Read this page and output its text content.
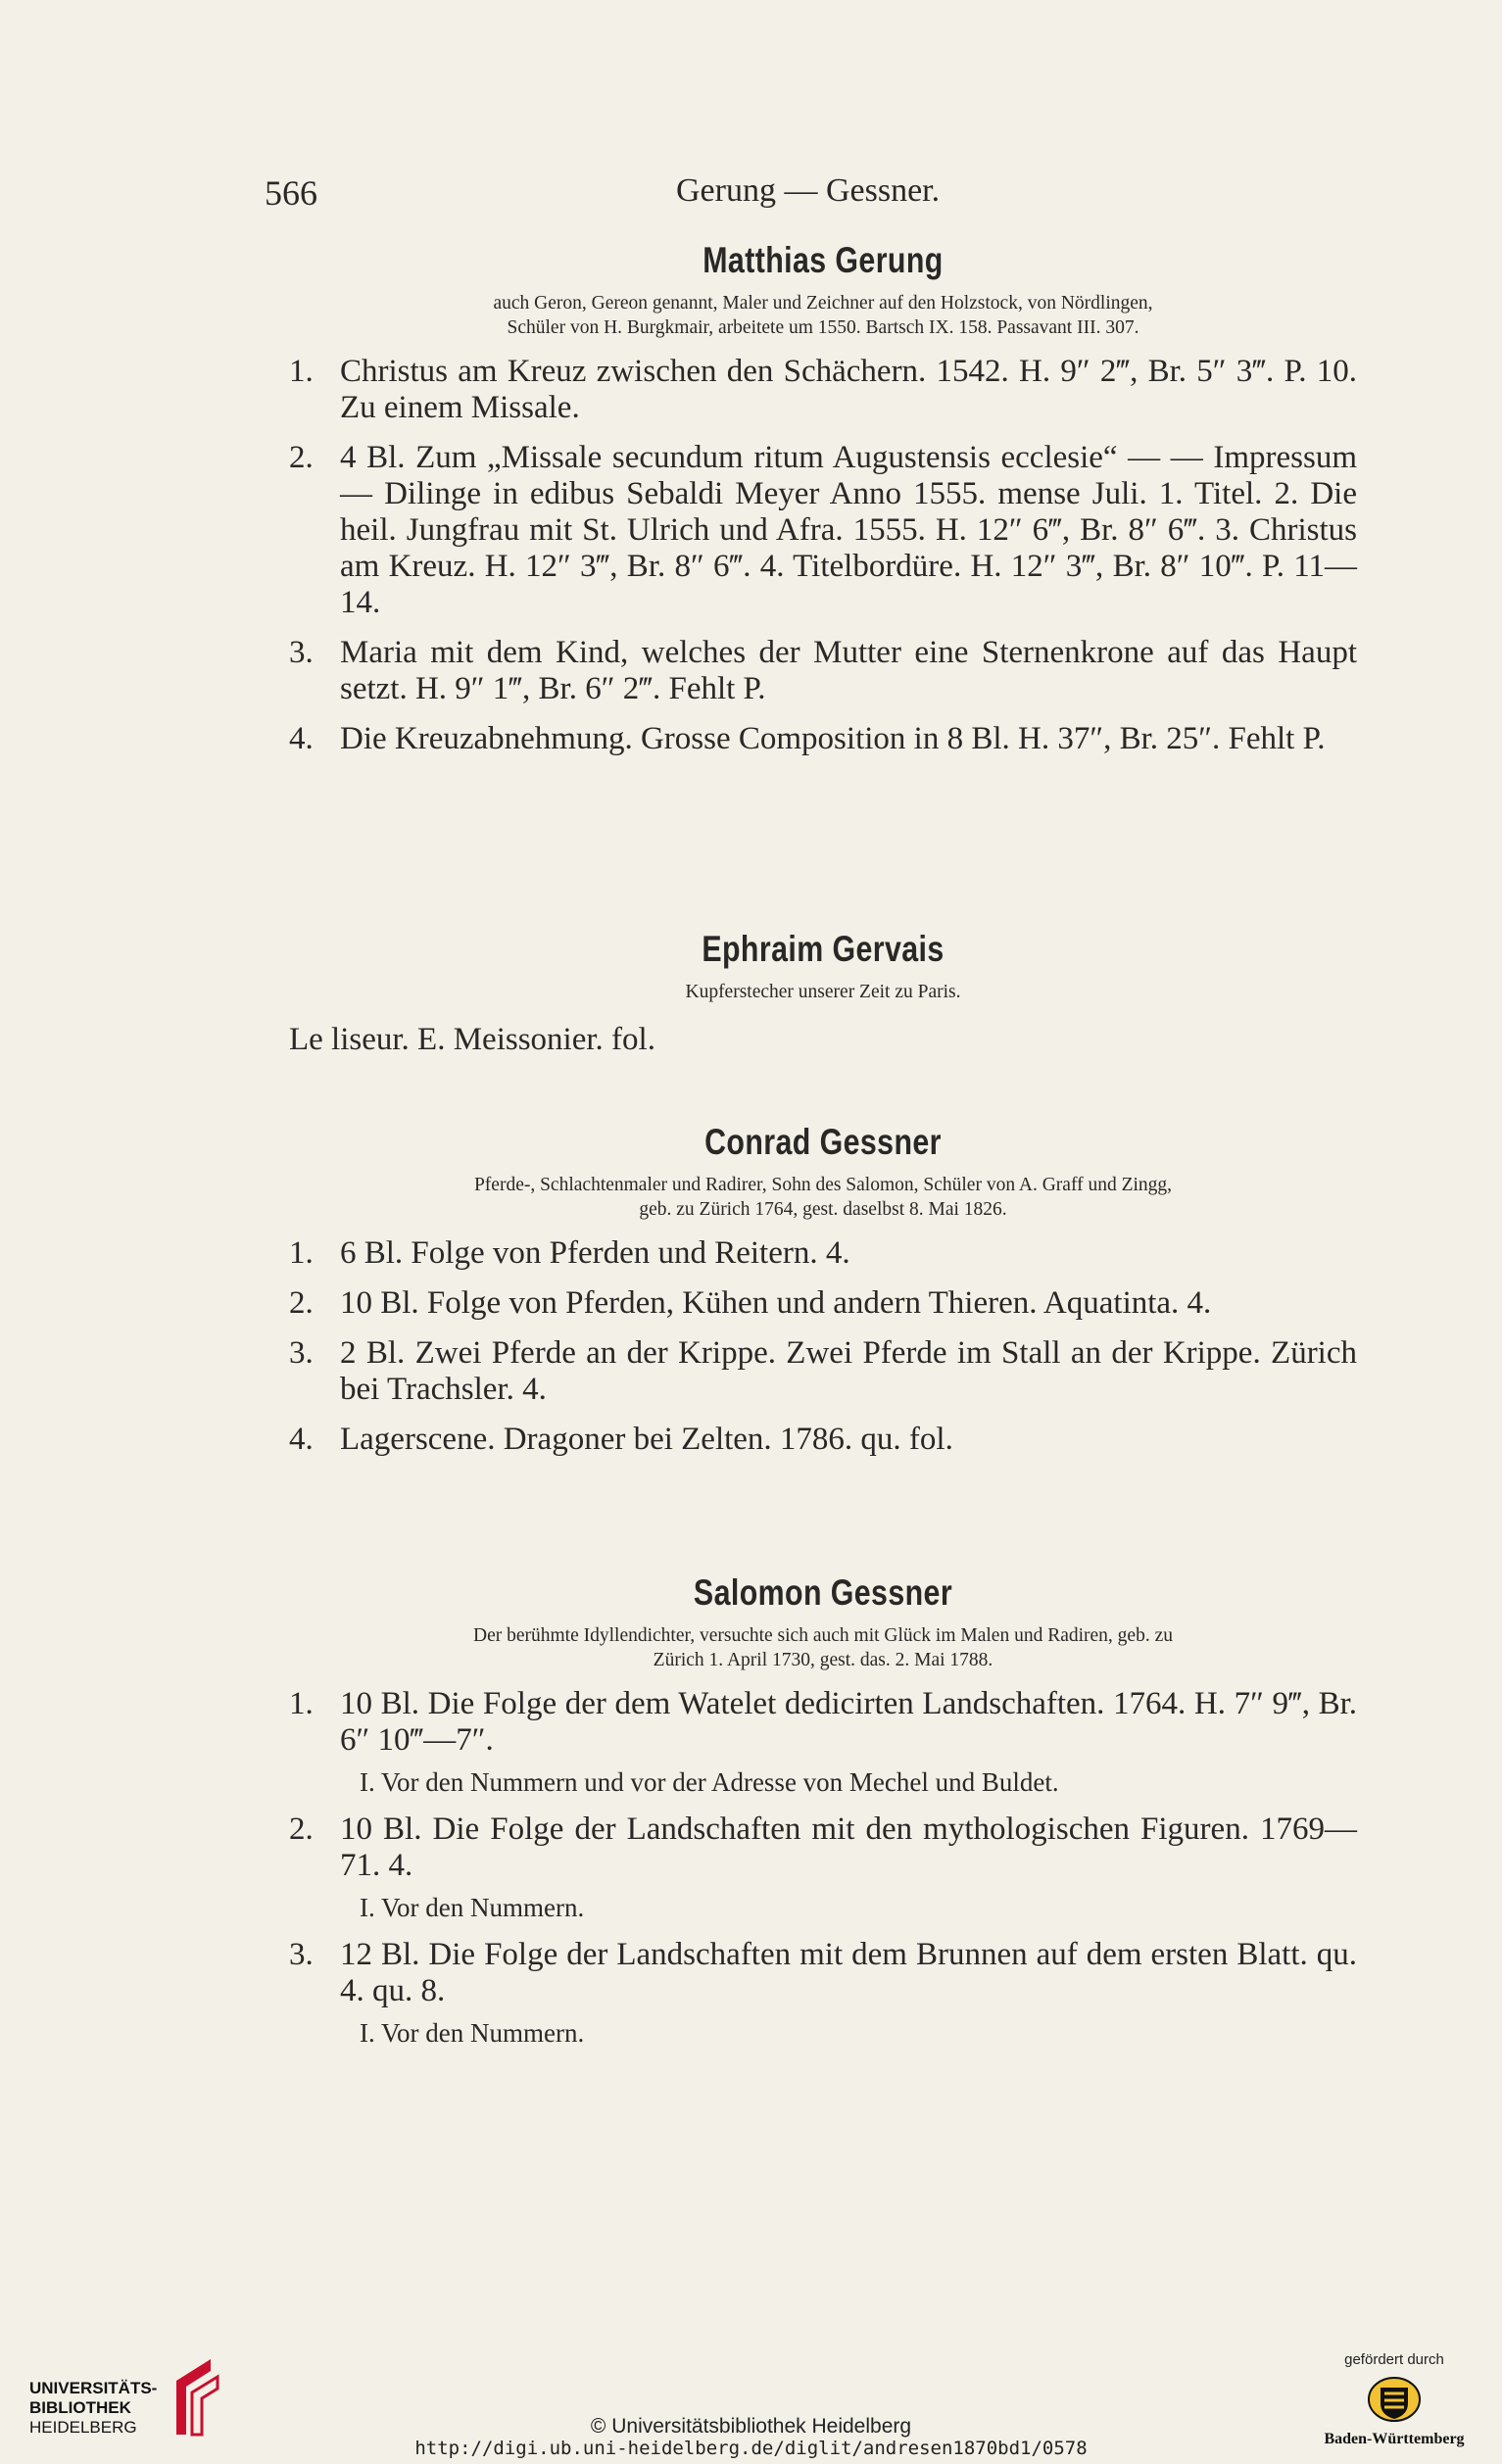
566	Gerung — Gessner.
Matthias Gerung
auch Geron, Gereon genannt, Maler und Zeichner auf den Holzstock, von Nördlingen,
Schüler von H. Burgkmair, arbeitete um 1550. Bartsch IX. 158. Passavant III. 307.
1. Christus am Kreuz zwischen den Schächern. 1542. H. 9″ 2‴, Br. 5″ 3‴. P. 10. Zu einem Missale.
2. 4 Bl. Zum „Missale secundum ritum Augustensis ecclesie“ — — Impressum — Dilinge in edibus Sebaldi Meyer Anno 1555. mense Juli. 1. Titel. 2. Die heil. Jungfrau mit St. Ulrich und Afra. 1555. H. 12″ 6‴, Br. 8″ 6‴. 3. Christus am Kreuz. H. 12″ 3‴, Br. 8″ 6‴. 4. Titelbordüre. H. 12″ 3‴, Br. 8″ 10‴. P. 11—14.
3. Maria mit dem Kind, welches der Mutter eine Sternenkrone auf das Haupt setzt. H. 9″ 1‴, Br. 6″ 2‴. Fehlt P.
4. Die Kreuzabnehmung. Grosse Composition in 8 Bl. H. 37″, Br. 25″. Fehlt P.
Ephraim Gervais
Kupferstecher unserer Zeit zu Paris.
Le liseur. E. Meissonier. fol.
Conrad Gessner
Pferde-, Schlachtenmaler und Radirer, Sohn des Salomon, Schüler von A. Graff und Zingg,
geb. zu Zürich 1764, gest. daselbst 8. Mai 1826.
1. 6 Bl. Folge von Pferden und Reitern. 4.
2. 10 Bl. Folge von Pferden, Kühen und andern Thieren. Aquatinta. 4.
3. 2 Bl. Zwei Pferde an der Krippe. Zwei Pferde im Stall an der Krippe. Zürich bei Trachsler. 4.
4. Lagerscene. Dragoner bei Zelten. 1786. qu. fol.
Salomon Gessner
Der berühmte Idyllendichter, versuchte sich auch mit Glück im Malen und Radiren, geb. zu
Zürich 1. April 1730, gest. das. 2. Mai 1788.
1. 10 Bl. Die Folge der dem Watelet dedicirten Landschaften. 1764. H. 7″ 9‴, Br. 6″ 10‴—7″.
I. Vor den Nummern und vor der Adresse von Mechel und Buldet.
2. 10 Bl. Die Folge der Landschaften mit den mythologischen Figuren. 1769—71. 4.
I. Vor den Nummern.
3. 12 Bl. Die Folge der Landschaften mit dem Brunnen auf dem ersten Blatt. qu. 4. qu. 8.
I. Vor den Nummern.
UNIVERSITÄTS-
BIBLIOTHEK
HEIDELBERG	© Universitätsbibliothek Heidelberg
http://digi.ub.uni-heidelberg.de/diglit/andresen1870bd1/0578
gefördert durch
Baden-Württemberg
